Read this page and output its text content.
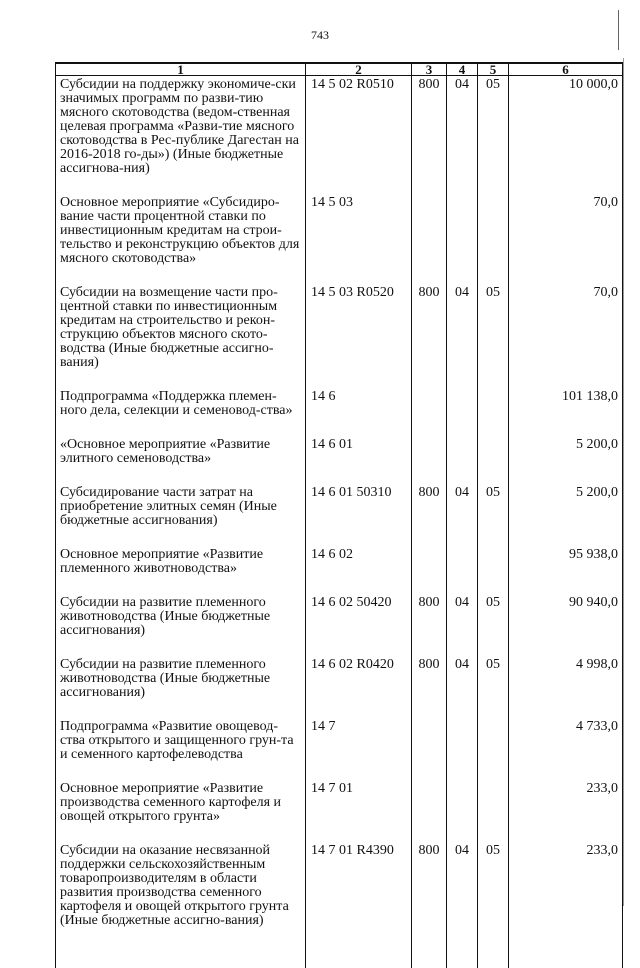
743
1	2	3	4	5	6
Субсидии на поддержку экономиче-ски значимых программ по разви-тию мясного скотоводства (ведом-ственная целевая программа «Разви-тие мясного скотоводства в Рес-публике Дагестан на 2016-2018 го-ды») (Иные бюджетные ассигнова-ния)	14 5 02 R0510	800	04	05	10 000,0
Основное мероприятие «Субсидиро-вание части процентной ставки по инвестиционным кредитам на строи-тельство и реконструкцию объектов для мясного скотоводства»	14 5 03				70,0
Субсидии на возмещение части про-центной ставки по инвестиционным кредитам на строительство и рекон-струкцию объектов мясного ското-водства (Иные бюджетные ассигно-вания)	14 5 03 R0520	800	04	05	70,0
Подпрограмма «Поддержка племен-ного дела, селекции и семеновод-ства»	14 6				101 138,0
«Основное мероприятие «Развитие элитного семеноводства»	14 6 01				5 200,0
Субсидирование части затрат на приобретение элитных семян (Иные бюджетные ассигнования)	14 6 01 50310	800	04	05	5 200,0
Основное мероприятие «Развитие племенного животноводства»	14 6 02				95 938,0
Субсидии на развитие племенного животноводства (Иные бюджетные ассигнования)	14 6 02 50420	800	04	05	90 940,0
Субсидии на развитие племенного животноводства (Иные бюджетные ассигнования)	14 6 02 R0420	800	04	05	4 998,0
Подпрограмма «Развитие овощевод-ства открытого и защищенного грун-та и семенного картофелеводства	14 7				4 733,0
Основное мероприятие «Развитие производства семенного картофеля и овощей открытого грунта»	14 7 01				233,0
Субсидии на оказание несвязанной поддержки сельскохозяйственным товаропроизводителям в области развития производства семенного картофеля и овощей открытого грунта (Иные бюджетные ассигно-вания)	14 7 01 R4390	800	04	05	233,0
